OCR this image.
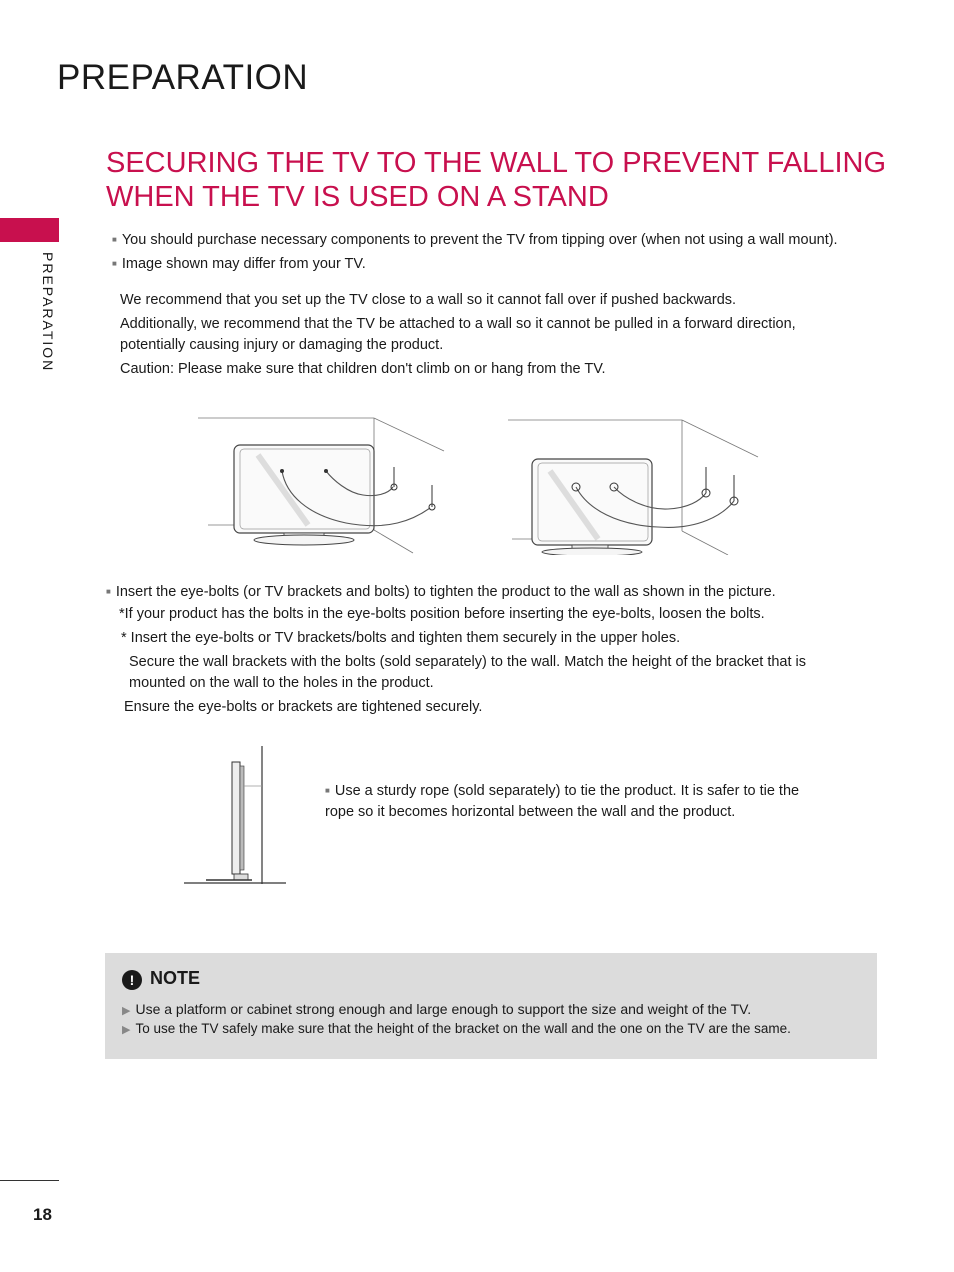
PREPARATION
PREPARATION
SECURING THE TV TO THE WALL TO PREVENT FALLING
WHEN THE TV IS USED ON A STAND
■ You should purchase necessary components to prevent the TV from tipping over (when not using a wall mount).
■ Image shown may differ from your TV.
We recommend that you set up the TV close to a wall so it cannot fall over if pushed backwards.
Additionally, we recommend that the TV be attached to a wall so it cannot be pulled in a forward direction, potentially causing injury or damaging the product.
Caution: Please make sure that children don't climb on or hang from the TV.
■ Insert the eye-bolts (or TV brackets and bolts) to tighten the product to the wall as shown in the picture.
*If your product has the bolts in the eye-bolts position before inserting the eye-bolts, loosen the bolts.
* Insert the eye-bolts or TV brackets/bolts and tighten them securely in the upper holes.
Secure the wall brackets with the bolts (sold separately) to the wall. Match the height of the bracket that is mounted on the wall to the holes in the product.
Ensure the eye-bolts or brackets are tightened securely.
■ Use a sturdy rope (sold separately) to tie the product. It is safer to tie the rope so it becomes horizontal between the wall and the product.
! NOTE
▶ Use a platform or cabinet strong enough and large enough to support the size and weight of the TV.
▶ To use the TV safely make sure that the height of the bracket on the wall and the one on the TV are the same.
18
